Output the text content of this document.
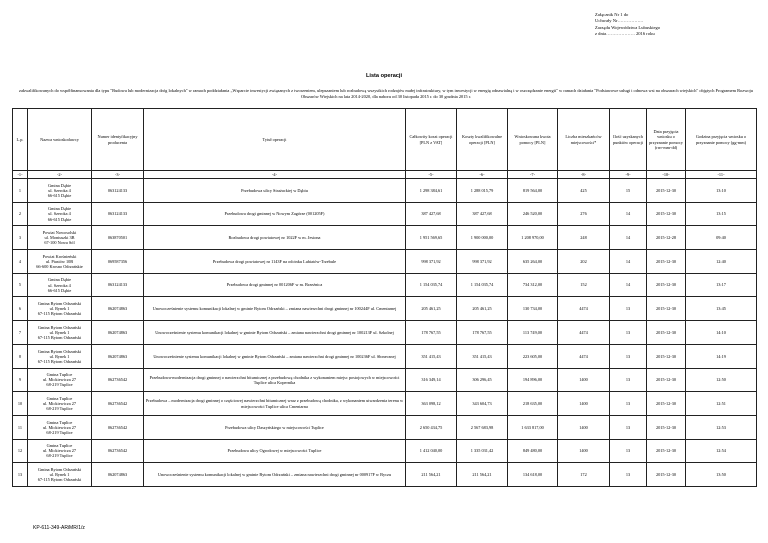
Załącznik Nr 1 do
Uchwały Nr……………..
Zarządu Województwa Lubuskiego
z dnia………………. 2016 roku
Lista operacji
zakwalifikowanych do współfinansowania dla typu "Budowa lub modernizacja dróg lokalnych" w ramach poddziałania „Wsparcie inwestycji związanych z tworzeniem, ulepszaniem lub rozbudową wszystkich rodzajów małej infrastruktury, w tym inwestycji w energię odnawialną i w oszczędzanie energii" w ramach działania "Podstawowe usługi i odnowa wsi na obszarach wiejskich" objętych Programem Rozwoju Obszarów Wiejskich na lata 2014-2020, dla naboru od 30 listopada 2015 r. do 30 grudnia 2015 r.
L.p.	Nazwa wnioskodawcy	Numer identyfikacyjny producenta	Tytuł operacji	Całkowity koszt operacji [PLN z VAT]	Koszty kwalifikowalne operacji [PLN]	Wnioskowana kwota pomocy [PLN]	Liczba mieszkańców miejscowości*	Ilość uzyskanych punktów operacji	Data przyjęcia wniosku o przyznanie pomocy (rrrr-mm-dd)	Godzina przyjęcia wniosku o przyznanie pomocy (gg-mm)
-1-	-2-	-3-	-4-	-5-	-6-	-7-	-8-	-9-	-10-	-11-
1	Gmina Dąbie
ul. Szeroka 4
66-615 Dąbie	063124133	Przebudowa ulicy Strażackiej w Dąbiu	1 298 384,61	1 288 015,79	819 564,00	425	15	2015-12-30	13:10
2	Gmina Dąbie
ul. Szeroka 4
66-615 Dąbie	063124133	Przebudowa drogi gminnej w Nowym Zagórze (001205F)	387 427,68	387 427,68	246 520,00	276	14	2015-12-30	13:15
3	Powiat Nowosolski
ul. Moniuszki 3B
67-100 Nowa Sól	063870501	Rozbudowa drogi powiatowej nr 1022F w m. Jesiona	1 951 569,65	1 900 000,00	1 208 970,00	248	14	2015-12-28	09:40
4	Powiat Krośnieński
ul. Piastów 10B
66-600 Krosno Odrzańskie	069587356	Przebudowa drogi powiatowej nr 1143F na odcinku Lubiatów-Trzebule	998 371,92	998 371,92	635 264,00	202	14	2015-12-30	12:40
5	Gmina Dąbie
ul. Szeroka 4
66-615 Dąbie	063124133	Przebudowa drogi gminnej nr 001206F w m. Brzeźnica	1 154 035,74	1 154 035,74	734 312,00	152	14	2015-12-30	13:17
6	Gmina Bytom Odrzański
ul. Rynek 1
67-115 Bytom Odrzański	062074863	Unowocześnienie systemu komunikacji lokalnej w gminie Bytom Odrzański – zmiana nawierzchni drogi gminnej nr 100244F ul. Cmentarnej	205 461,25	205 461,25	130 734,00	4474	13	2015-12-30	13:45
7	Gmina Bytom Odrzański
ul. Rynek 1
67-115 Bytom Odrzański	062074863	Unowocześnienie systemu komunikacji lokalnej w gminie Bytom Odrzański – zmiana nawierzchni drogi gminnej nr 100213F ul. Szkolnej	178 767,55	178 767,55	113 749,00	4474	13	2015-12-30	14:10
8	Gmina Bytom Odrzański
ul. Rynek 1
67-115 Bytom Odrzański	062074863	Unowocześnienie systemu komunikacji lokalnej w gminie Bytom Odrzański – zmiana nawierzchni drogi gminnej nr 100236F ul. Słonecznej	351 415,43	351 415,43	223 605,00	4474	13	2015-12-30	14:19
9	Gmina Tuplice
ul. Mickiewicza 27
68-219 Tuplice	062736542	Przebudowa-modernizacja drogi gminnej o nawierzchni bitumicznej z przebudową chodnika z wykonaniem miejsc postojowych w miejscowości Tuplice ulica Kopernika	316 349,14	306 296,45	194 896,00	1400	13	2015-12-30	12:50
10	Gmina Tuplice
ul. Mickiewicza 27
68-219 Tuplice	062736542	Przebudowa – modernizacja drogi gminnej o częściowej nawierzchni bitumicznej wraz z przebudową chodnika, z wykonaniem utwardzenia terenu w miejscowości Tuplice ulica Cmentarna	363 098,12	343 604,73	218 635,00	1400	13	2015-12-30	12:51
11	Gmina Tuplice
ul. Mickiewicza 27
68-219 Tuplice	062736542	Przebudowa ulicy Daszyńskiego w miejscowości Tuplice	2 650 434,75	2 567 683,98	1 633 817,00	1400	13	2015-12-30	12:53
12	Gmina Tuplice
ul. Mickiewicza 27
68-219 Tuplice	062736542	Przebudowa ulicy Ogrodowej w miejscowości Tuplice	1 412 040,00	1 335 031,42	849 480,00	1400	13	2015-12-30	12:54
13	Gmina Bytom Odrzański
ul. Rynek 1
67-115 Bytom Odrzański	062074863	Unowocześnienie systemu komunikacji lokalnej w gminie Bytom Odrzański – zmiana nawierzchni drogi gminnej nr 000917F w Byczu	211 564,21	211 564,21	134 618,00	172	13	2015-12-30	13:50
KP-611-349-ARiMR/1/z
